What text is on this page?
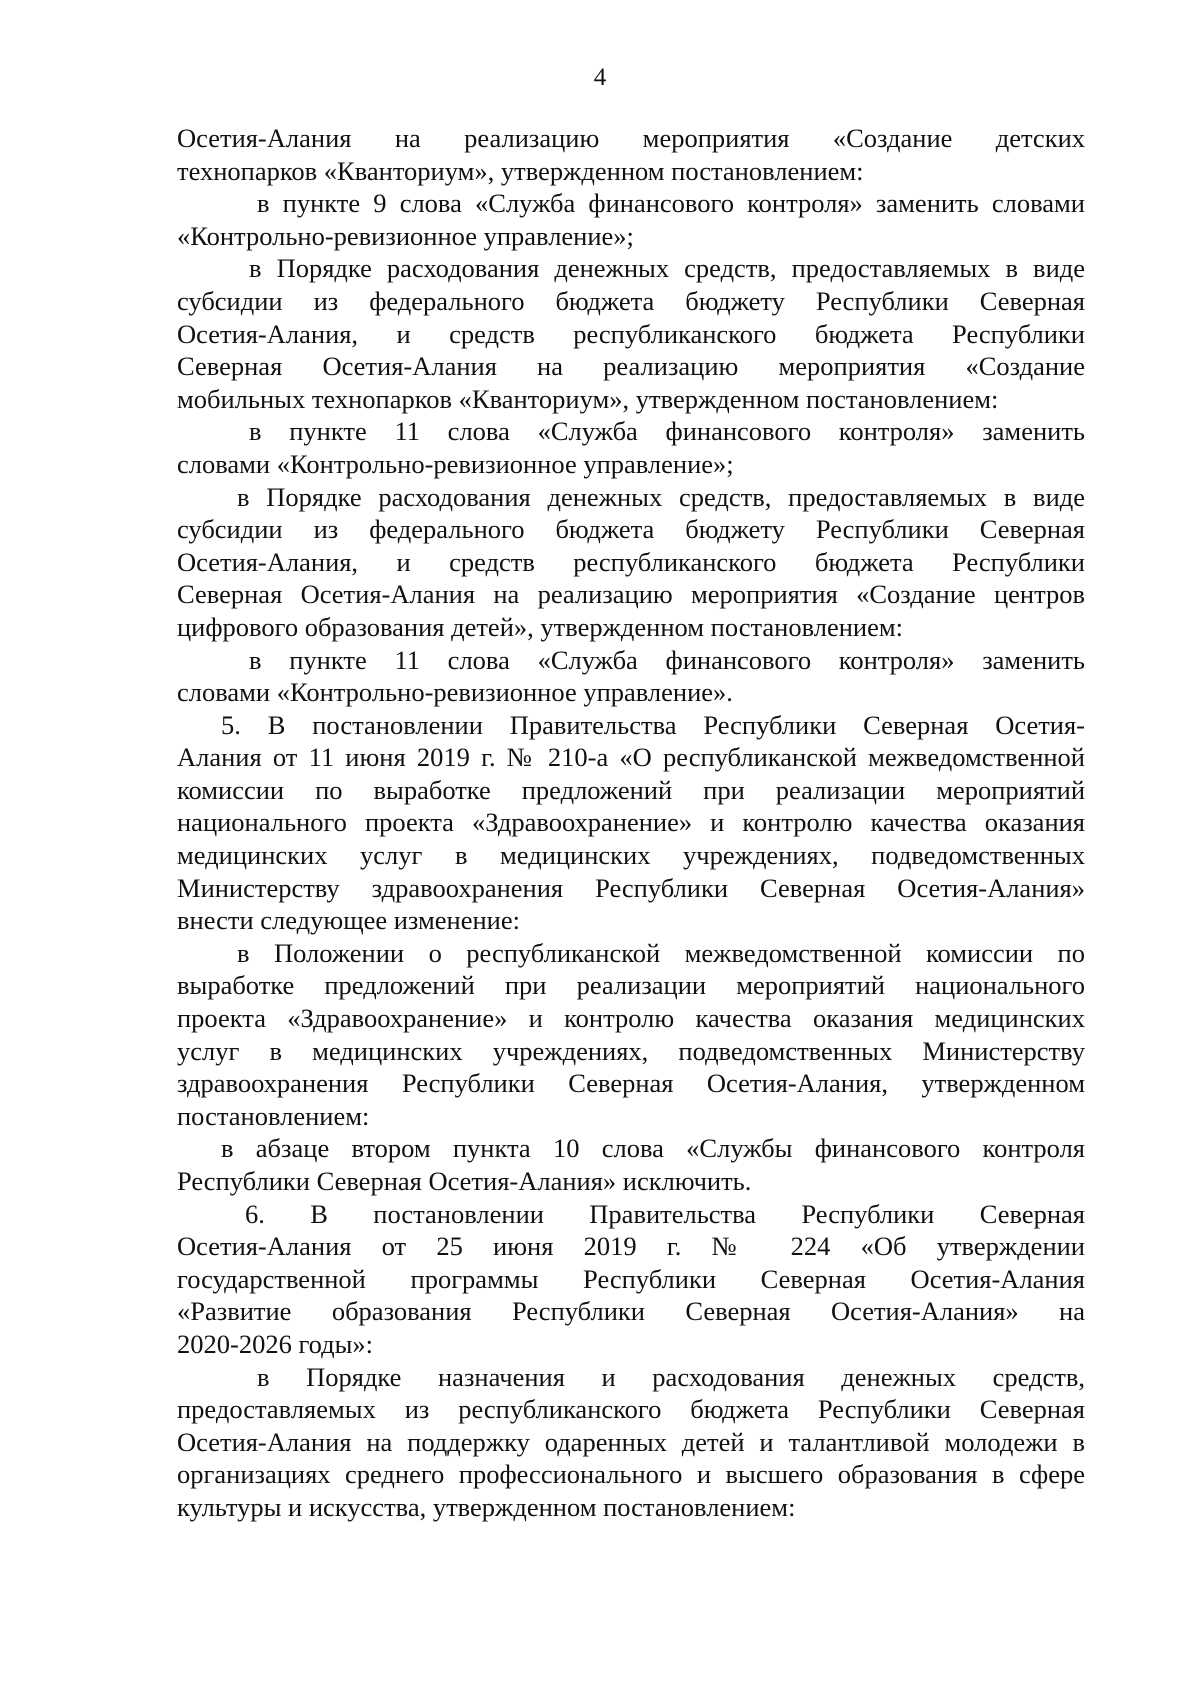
4
Осетия-Алания на реализацию мероприятия «Создание детских
технопарков «Кванториум», утвержденном постановлением:
в пункте 9 слова «Служба финансового контроля» заменить словами
«Контрольно-ревизионное управление»;
в Порядке расходования денежных средств, предоставляемых в виде
субсидии из федерального бюджета бюджету Республики Северная
Осетия-Алания, и средств республиканского бюджета Республики
Северная Осетия-Алания на реализацию мероприятия «Создание
мобильных технопарков «Кванториум», утвержденном постановлением:
в пункте 11 слова «Служба финансового контроля» заменить
словами «Контрольно-ревизионное управление»;
в Порядке расходования денежных средств, предоставляемых в виде
субсидии из федерального бюджета бюджету Республики Северная
Осетия-Алания, и средств республиканского бюджета Республики
Северная Осетия-Алания на реализацию мероприятия «Создание центров
цифрового образования детей», утвержденном постановлением:
в пункте 11 слова «Служба финансового контроля» заменить
словами «Контрольно-ревизионное управление».
5. В постановлении Правительства Республики Северная Осетия-
Алания от 11 июня 2019 г. № 210-а «О республиканской межведомственной
комиссии по выработке предложений при реализации мероприятий
национального проекта «Здравоохранение» и контролю качества оказания
медицинских услуг в медицинских учреждениях, подведомственных
Министерству здравоохранения Республики Северная Осетия-Алания»
внести следующее изменение:
в Положении о республиканской межведомственной комиссии по
выработке предложений при реализации мероприятий национального
проекта «Здравоохранение» и контролю качества оказания медицинских
услуг в медицинских учреждениях, подведомственных Министерству
здравоохранения Республики Северная Осетия-Алания, утвержденном
постановлением:
в абзаце втором пункта 10 слова «Службы финансового контроля
Республики Северная Осетия-Алания» исключить.
6. В постановлении Правительства Республики Северная
Осетия-Алания от 25 июня 2019 г. № 224 «Об утверждении
государственной программы Республики Северная Осетия-Алания
«Развитие образования Республики Северная Осетия-Алания» на
2020-2026 годы»:
в Порядке назначения и расходования денежных средств,
предоставляемых из республиканского бюджета Республики Северная
Осетия-Алания на поддержку одаренных детей и талантливой молодежи в
организациях среднего профессионального и высшего образования в сфере
культуры и искусства, утвержденном постановлением:
